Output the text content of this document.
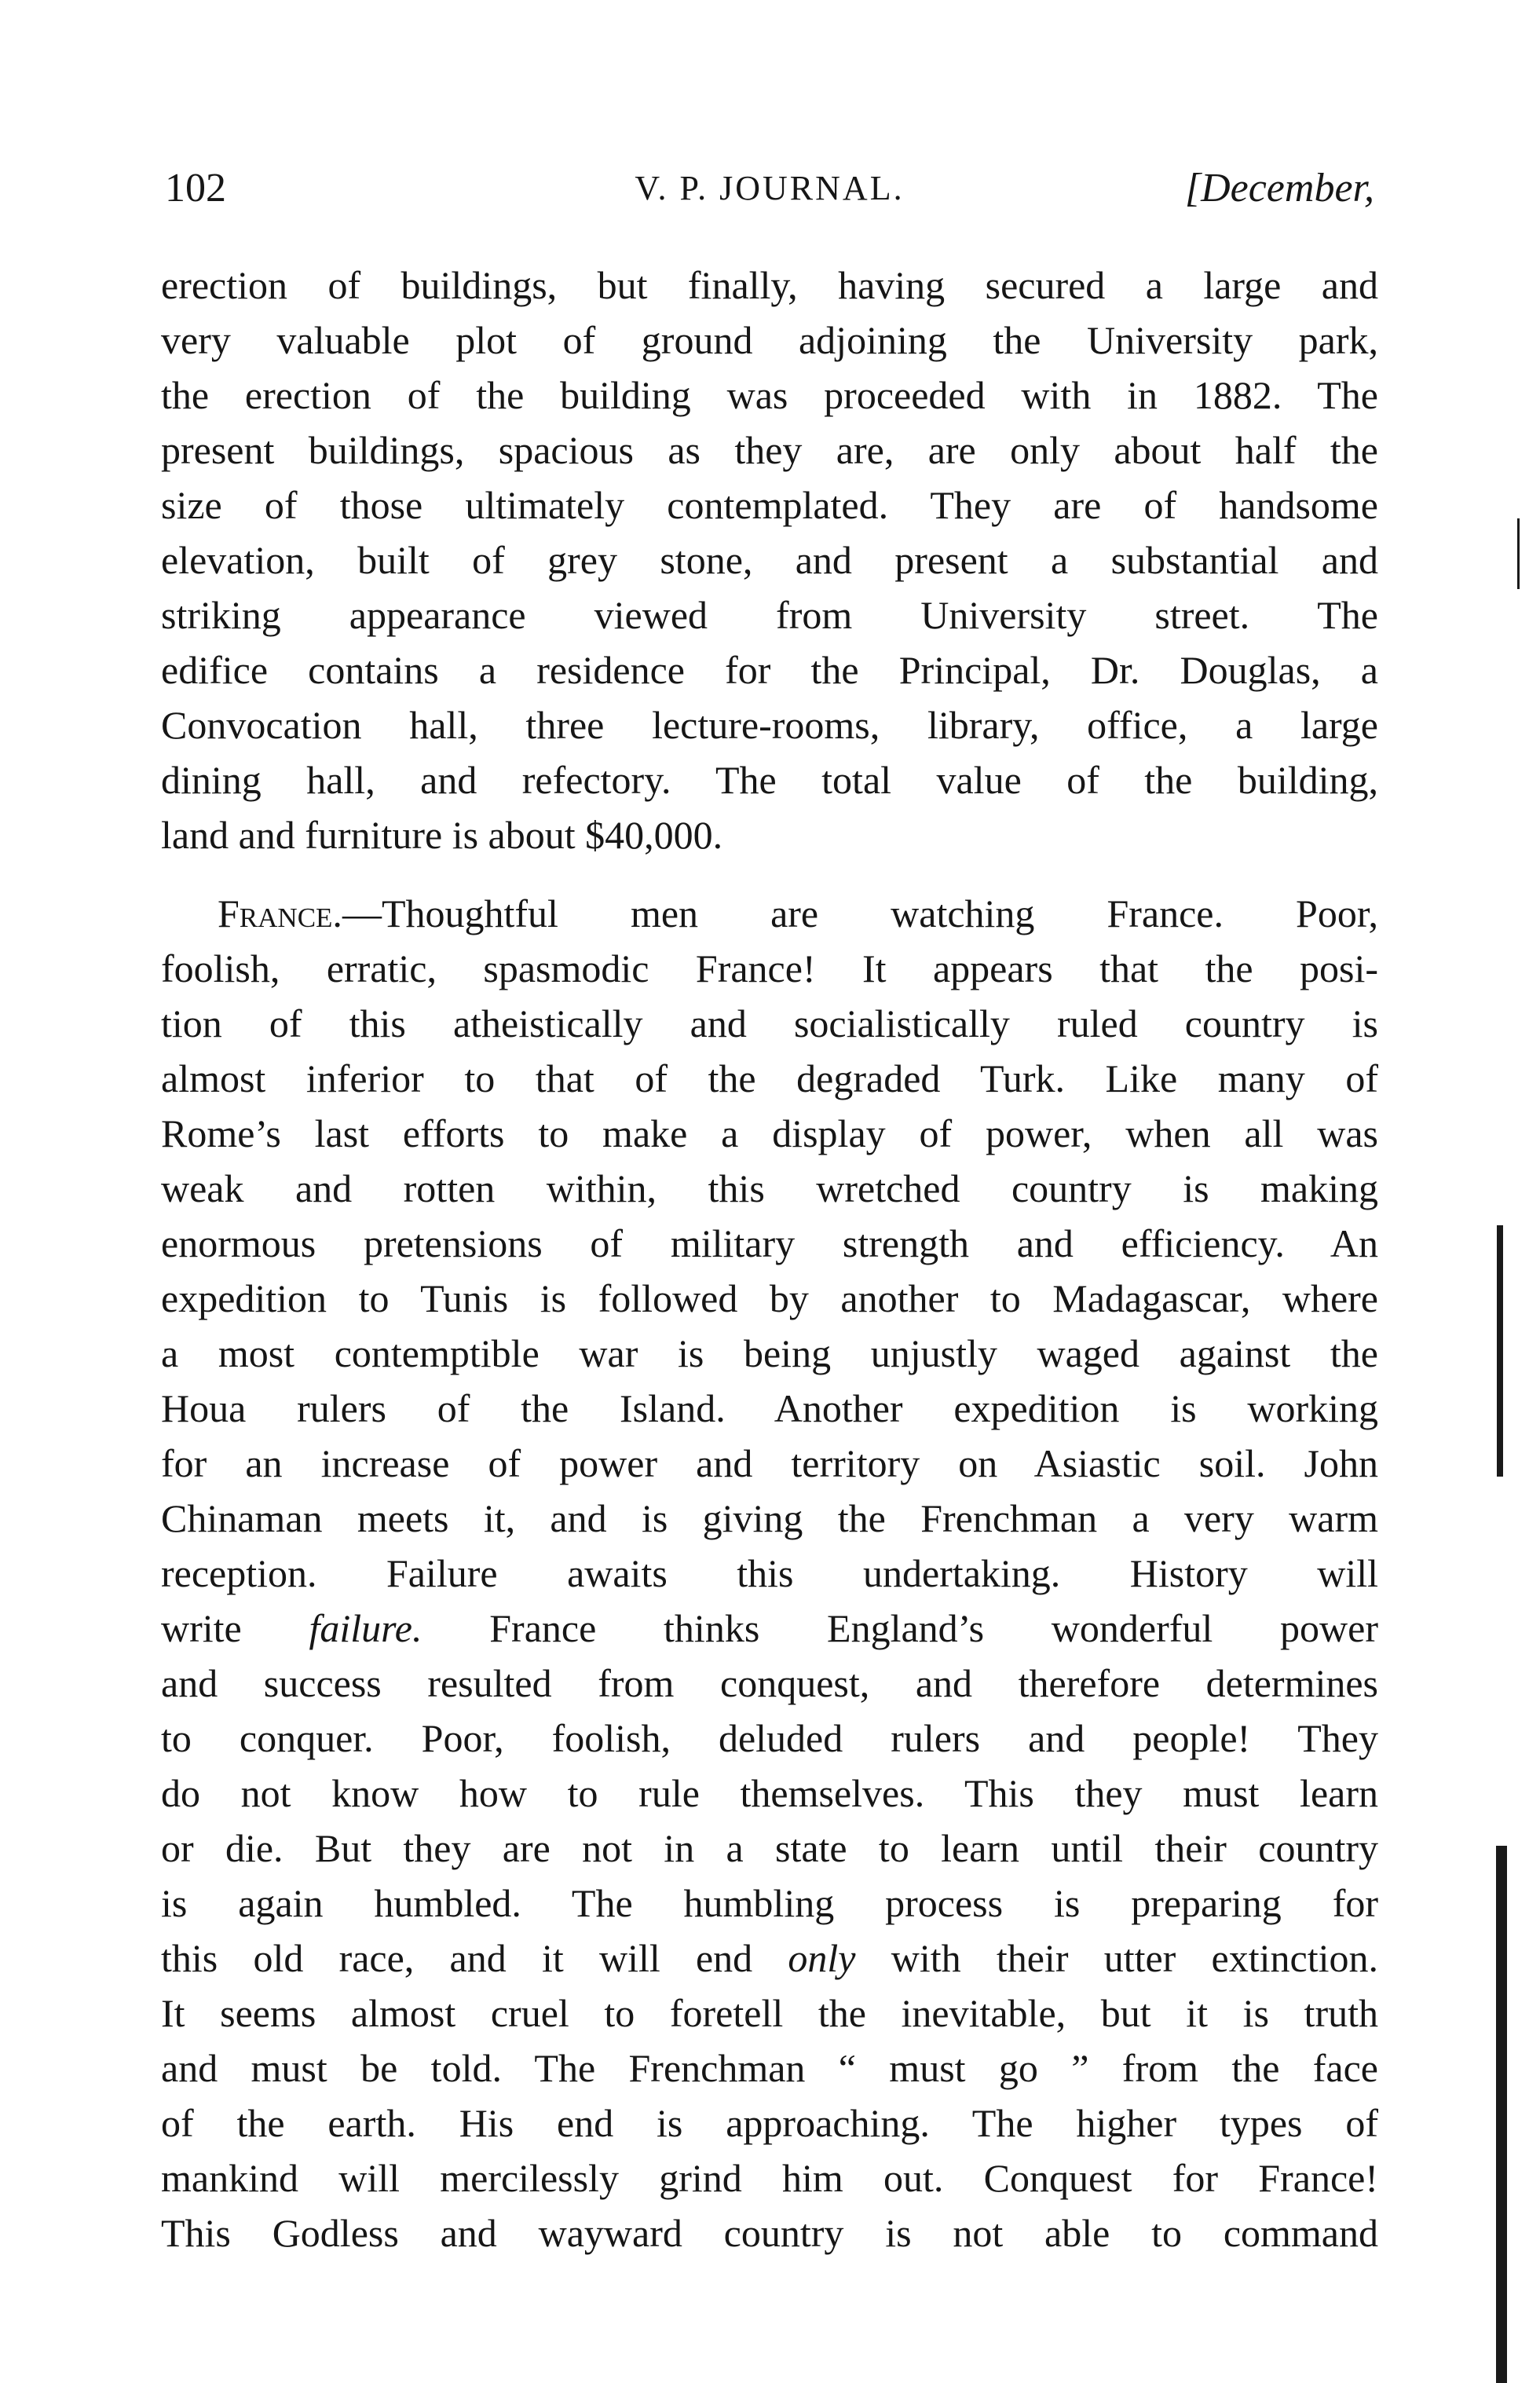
102	V. P. JOURNAL.	[December,
erection of buildings, but finally, having secured a large and
very valuable plot of ground adjoining the University park,
the erection of the building was proceeded with in 1882. The
present buildings, spacious as they are, are only about half the
size of those ultimately contemplated. They are of handsome
elevation, built of grey stone, and present a substantial and
striking appearance viewed from University street. The
edifice contains a residence for the Principal, Dr. Douglas, a
Convocation hall, three lecture-rooms, library, office, a large
dining hall, and refectory. The total value of the building,
land and furniture is about $40,000.
France.—Thoughtful men are watching France. Poor,
foolish, erratic, spasmodic France! It appears that the posi-
tion of this atheistically and socialistically ruled country is
almost inferior to that of the degraded Turk. Like many of
Rome’s last efforts to make a display of power, when all was
weak and rotten within, this wretched country is making
enormous pretensions of military strength and efficiency. An
expedition to Tunis is followed by another to Madagascar, where
a most contemptible war is being unjustly waged against the
Houa rulers of the Island. Another expedition is working
for an increase of power and territory on Asiastic soil. John
Chinaman meets it, and is giving the Frenchman a very warm
reception. Failure awaits this undertaking. History will
write failure. France thinks England’s wonderful power
and success resulted from conquest, and therefore determines
to conquer. Poor, foolish, deluded rulers and people! They
do not know how to rule themselves. This they must learn
or die. But they are not in a state to learn until their country
is again humbled. The humbling process is preparing for
this old race, and it will end only with their utter extinction.
It seems almost cruel to foretell the inevitable, but it is truth
and must be told. The Frenchman “ must go ” from the face
of the earth. His end is approaching. The higher types of
mankind will mercilessly grind him out. Conquest for France!
This Godless and wayward country is not able to command
